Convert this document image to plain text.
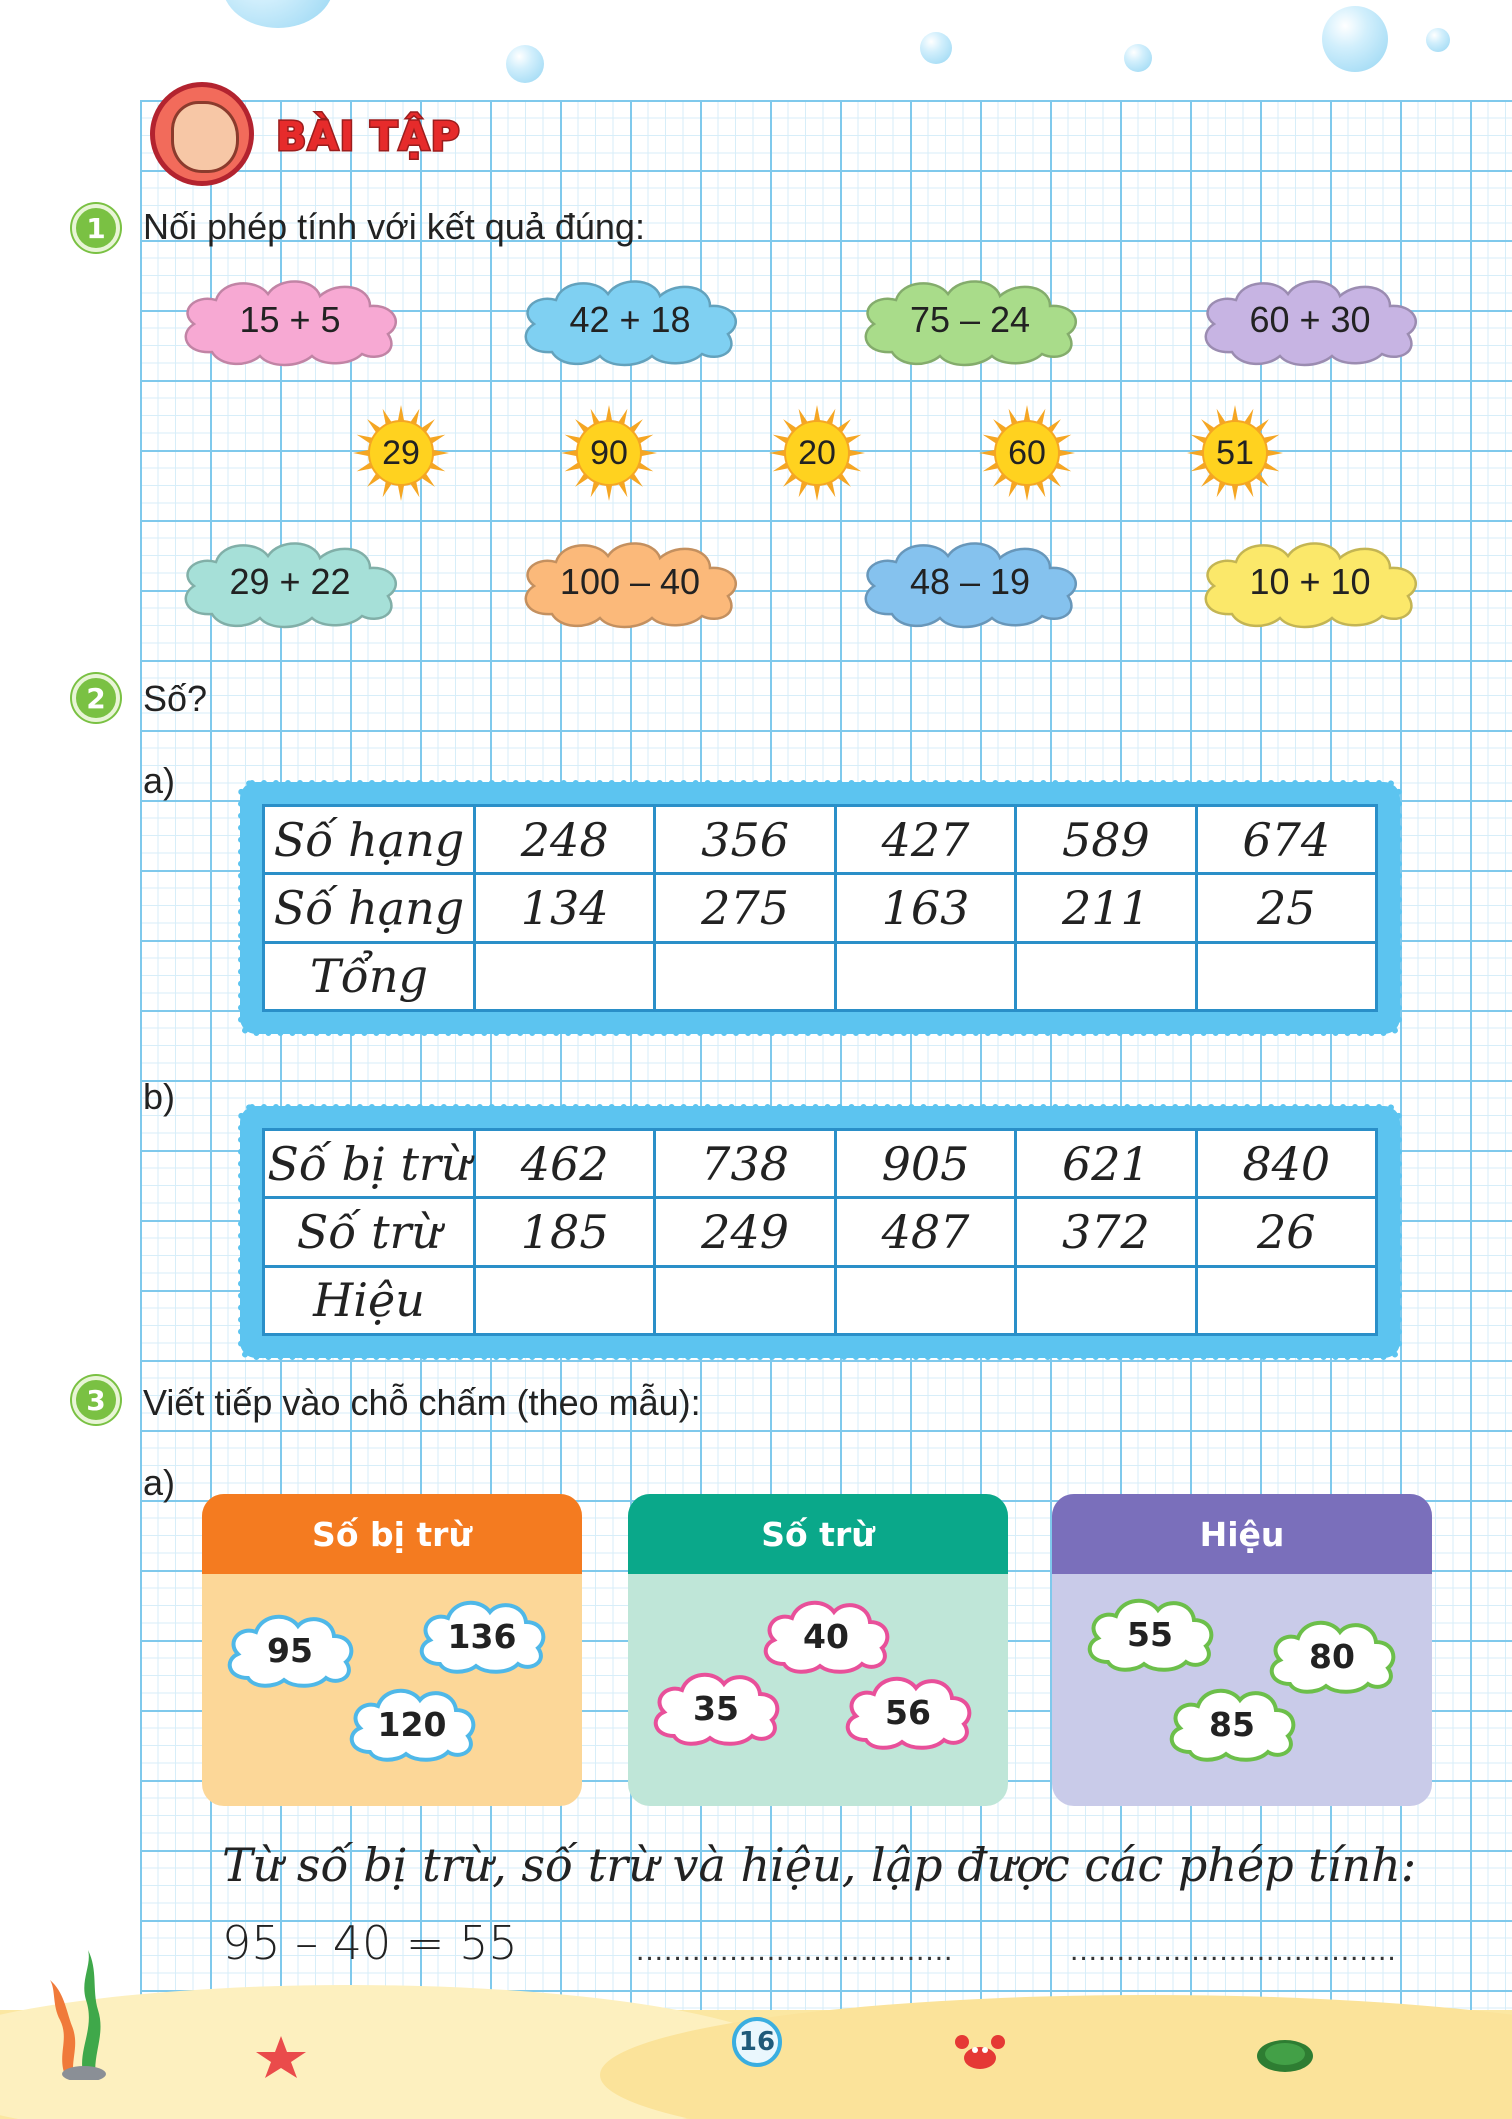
BÀI TẬP
1	Nối phép tính với kết quả đúng:
15 + 5	42 + 18	75 – 24	60 + 30
29	90	20	60	51
29 + 22	100 – 40	48 – 19	10 + 10
2	Số?
a)
Số hạng	248	356	427	589	674
Số hạng	134	275	163	211	25
Tổng					
b)
Số bị trừ	462	738	905	621	840
Số trừ	185	249	487	372	26
Hiệu					
3	Viết tiếp vào chỗ chấm (theo mẫu):
a)
Số bị trừ
95	136
120
Số trừ
40
35	56
Hiệu
55
80
85
Từ số bị trừ, số trừ và hiệu, lập được các phép tính:
95 – 40 = 55	..................................	...................................
16
